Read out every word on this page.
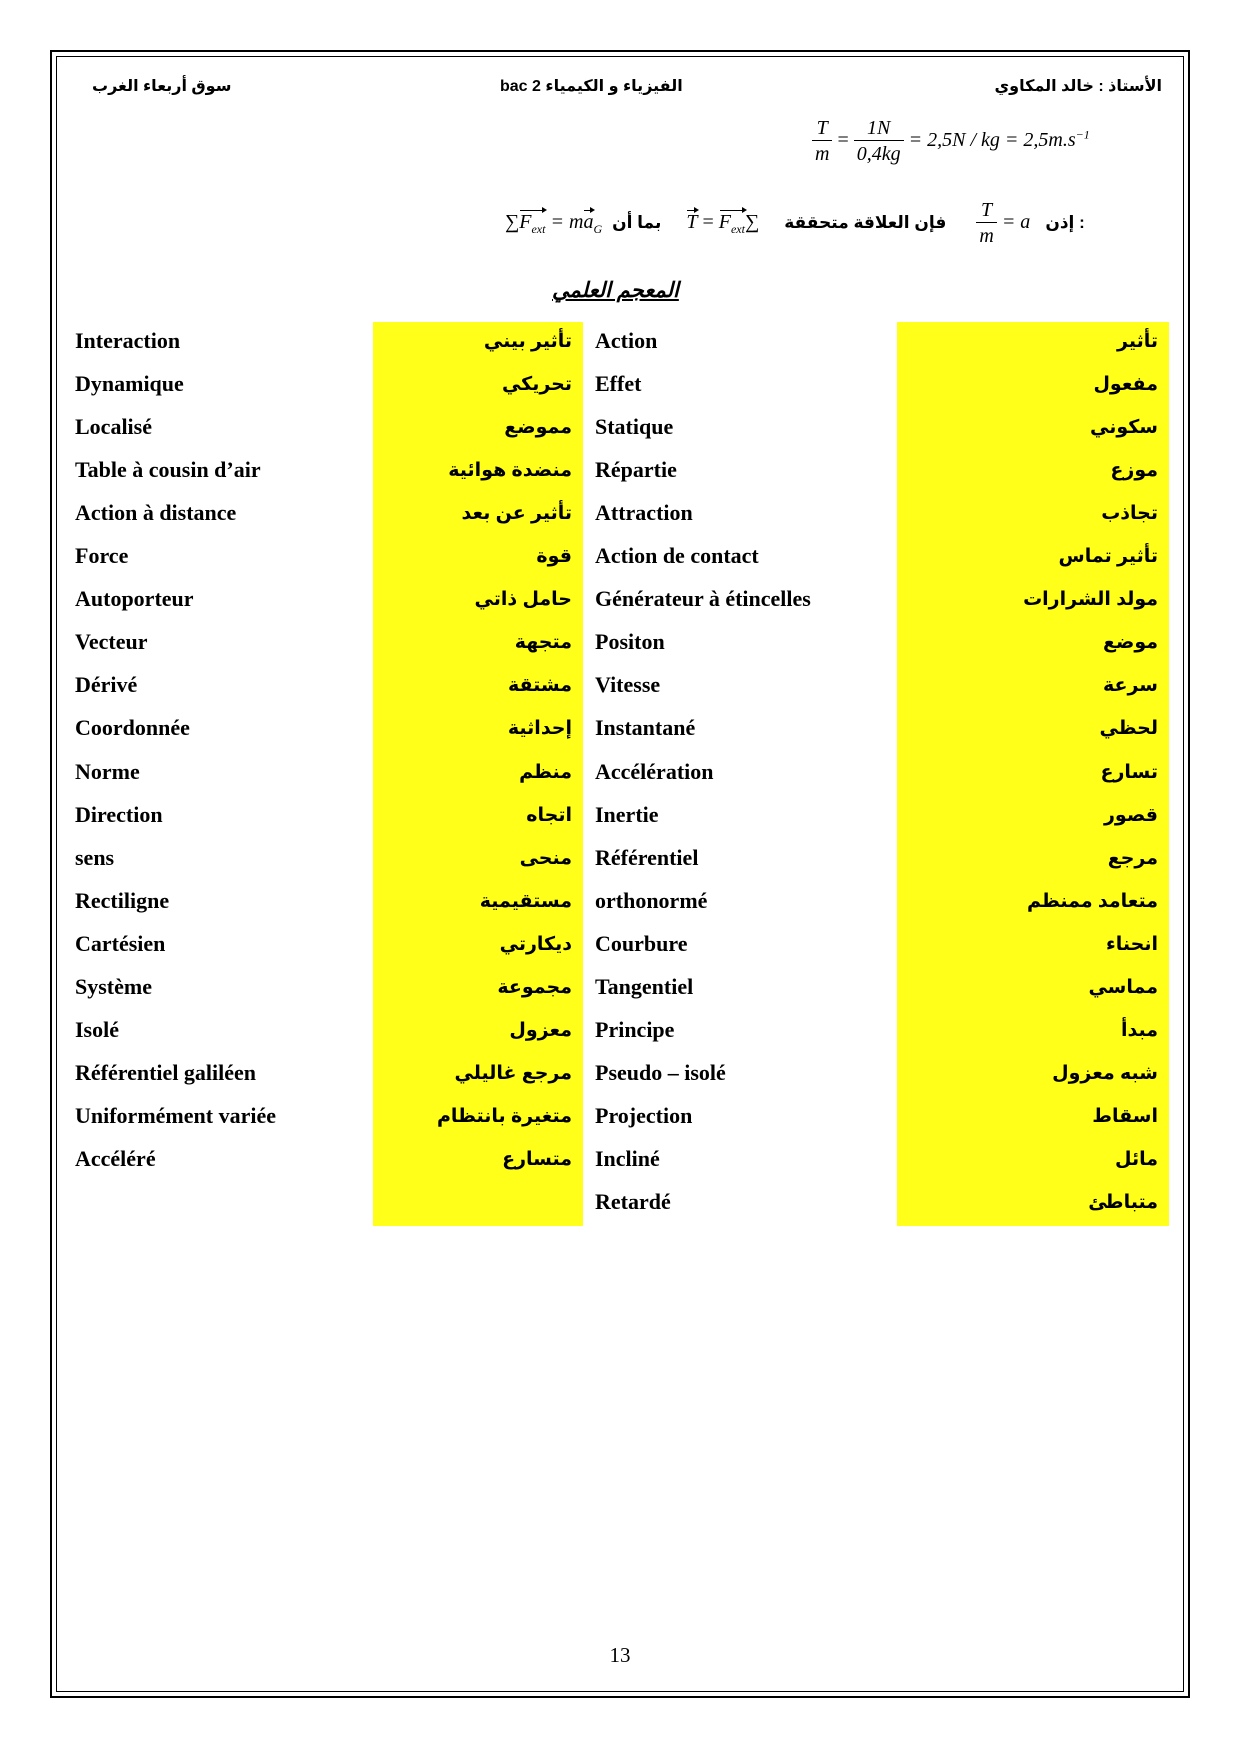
الأستاذ : خالد المكاوي
الفيزياء و الكيمياء 2 bac
سوق أربعاء الغرب
$\frac{T}{m} = \frac{1N}{0,4kg} = 2,5N$ / kg = $2,5m.s^{-1}$
$\sum F_{ext} = ma_G$	فإن العلاقة متحققة     $\sum F_{ext} = T$     بما أن	$\frac{T}{m} = a$ إذن :
المعجم العلمي
Interaction	تأثير بيني Action	تأثير
Dynamique	تحريكي Effet	مفعول
Localisé	مموضع Statique	سكوني
Table à cousin d’air	منضدة هوائية Répartie	موزع
Action à distance	تأثير عن بعد Attraction	تجاذب
Force	قوة Action de contact	تأثير تماس
Autoporteur	حامل ذاتي Générateur à étincelles	مولد الشرارات
Vecteur	متجهة Positon	موضع
Dérivé	مشتقة Vitesse	سرعة
Coordonnée	إحداثية Instantané	لحظي
Norme	منظم Accélération	تسارع
Direction	اتجاه Inertie	قصور
sens	منحى Référentiel	مرجع
Rectiligne	مستقيمية orthonormé	متعامد ممنظم
Cartésien	ديكارتي Courbure	انحناء
Système	مجموعة Tangentiel	مماسي
Isolé	معزول Principe	مبدأ
Référentiel galiléen	مرجع غاليلي Pseudo – isolé	شبه معزول
Uniformément variée	متغيرة بانتظام Projection	اسقاط
Accéléré	متسارع Incliné	مائل
Retardé	متباطئ
13
